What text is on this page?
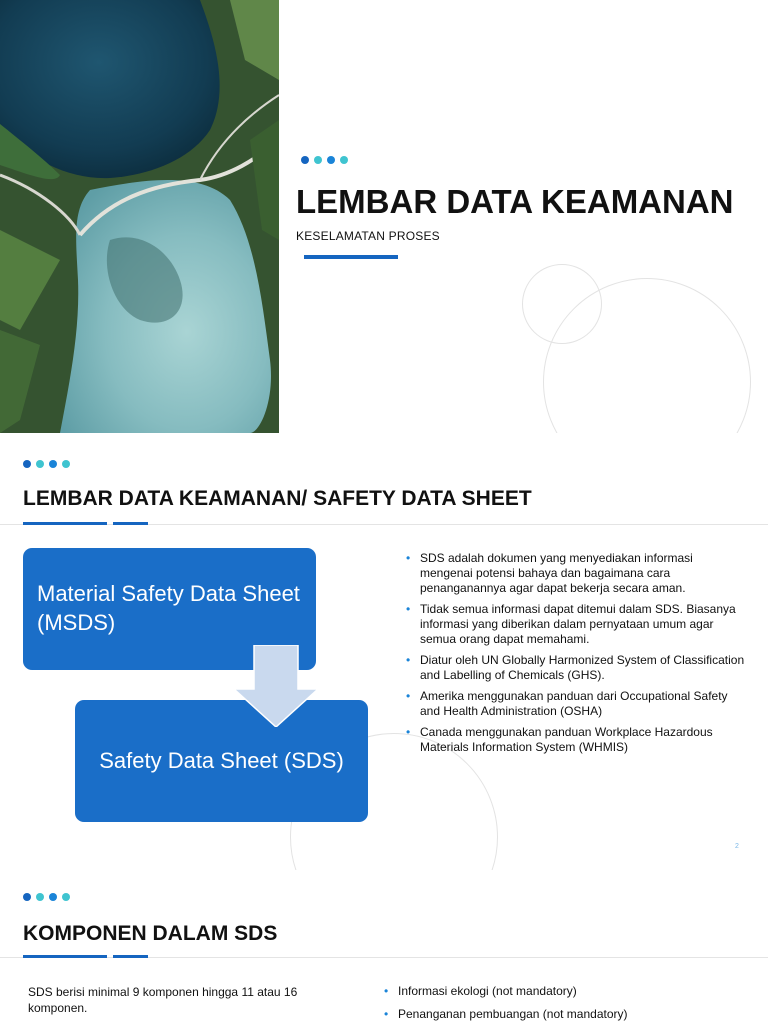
LEMBAR DATA KEAMANAN
KESELAMATAN PROSES
LEMBAR DATA KEAMANAN/ SAFETY DATA SHEET
Material Safety Data Sheet (MSDS)
Safety Data Sheet (SDS)
• SDS adalah dokumen yang menyediakan informasi mengenai potensi bahaya dan bagaimana cara penanganannya agar dapat bekerja secara aman.
• Tidak semua informasi dapat ditemui dalam SDS. Biasanya informasi yang diberikan dalam pernyataan umum agar semua orang dapat memahami.
• Diatur oleh UN Globally Harmonized System of Classification and Labelling of Chemicals (GHS).
• Amerika menggunakan panduan dari Occupational Safety and Health Administration (OSHA)
• Canada menggunakan panduan Workplace Hazardous Materials Information System (WHMIS)
2
KOMPONEN DALAM SDS
SDS berisi minimal 9 komponen hingga 11 atau 16 komponen.
• Informasi ekologi (not mandatory)
• Penanganan pembuangan (not mandatory)
